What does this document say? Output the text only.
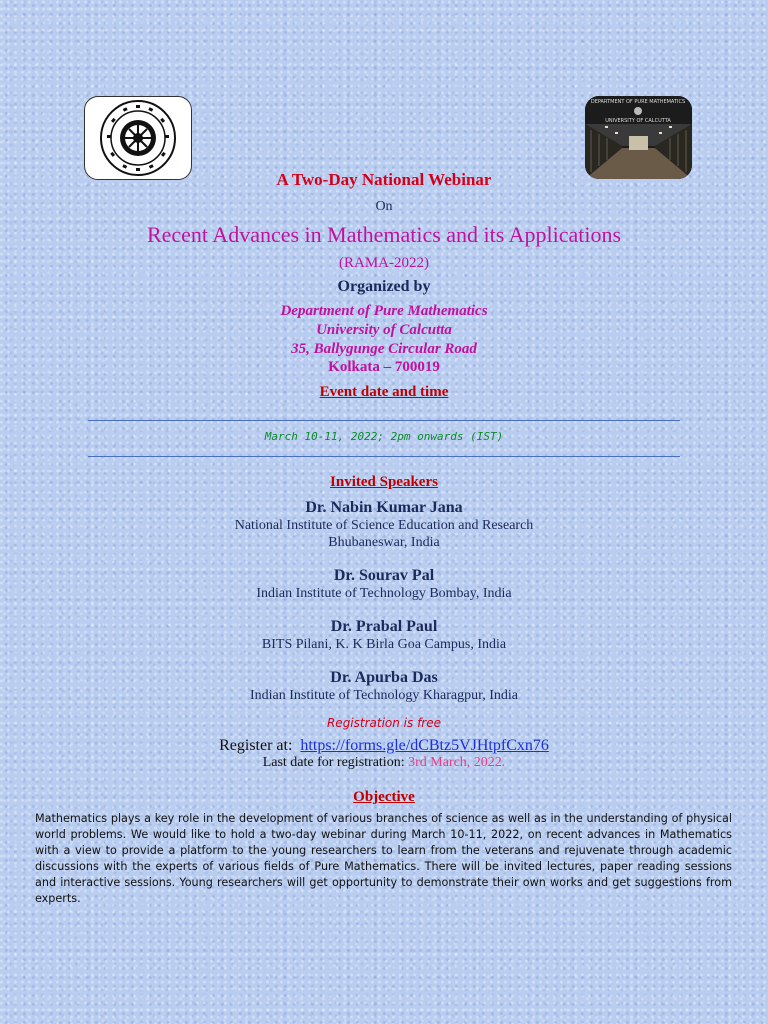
DEPARTMENT OF PURE MATHEMATICS
UNIVERSITY OF CALCUTTA
A Two-Day National Webinar
On
Recent Advances in Mathematics and its Applications
(RAMA-2022)
Organized by
Department of Pure Mathematics
University of Calcutta
35, Ballygunge Circular Road
Kolkata – 700019
Event date and time
March 10-11, 2022; 2pm onwards (IST)
Invited Speakers
Dr. Nabin Kumar Jana
National Institute of Science Education and Research
Bhubaneswar, India
Dr. Sourav Pal
Indian Institute of Technology Bombay, India
Dr. Prabal Paul
BITS Pilani, K. K Birla Goa Campus, India
Dr. Apurba Das
Indian Institute of Technology Kharagpur, India
Registration is free
Register at: https://forms.gle/dCBtz5VJHtpfCxn76
Last date for registration: 3rd March, 2022.
Objective
Mathematics plays a key role in the development of various branches of science as well as in the understanding of physical world problems. We would like to hold a two-day webinar during March 10-11, 2022, on recent advances in Mathematics with a view to provide a platform to the young researchers to learn from the veterans and rejuvenate through academic discussions with the experts of various fields of Pure Mathematics. There will be invited lectures, paper reading sessions and interactive sessions. Young researchers will get opportunity to demonstrate their own works and get suggestions from experts.
